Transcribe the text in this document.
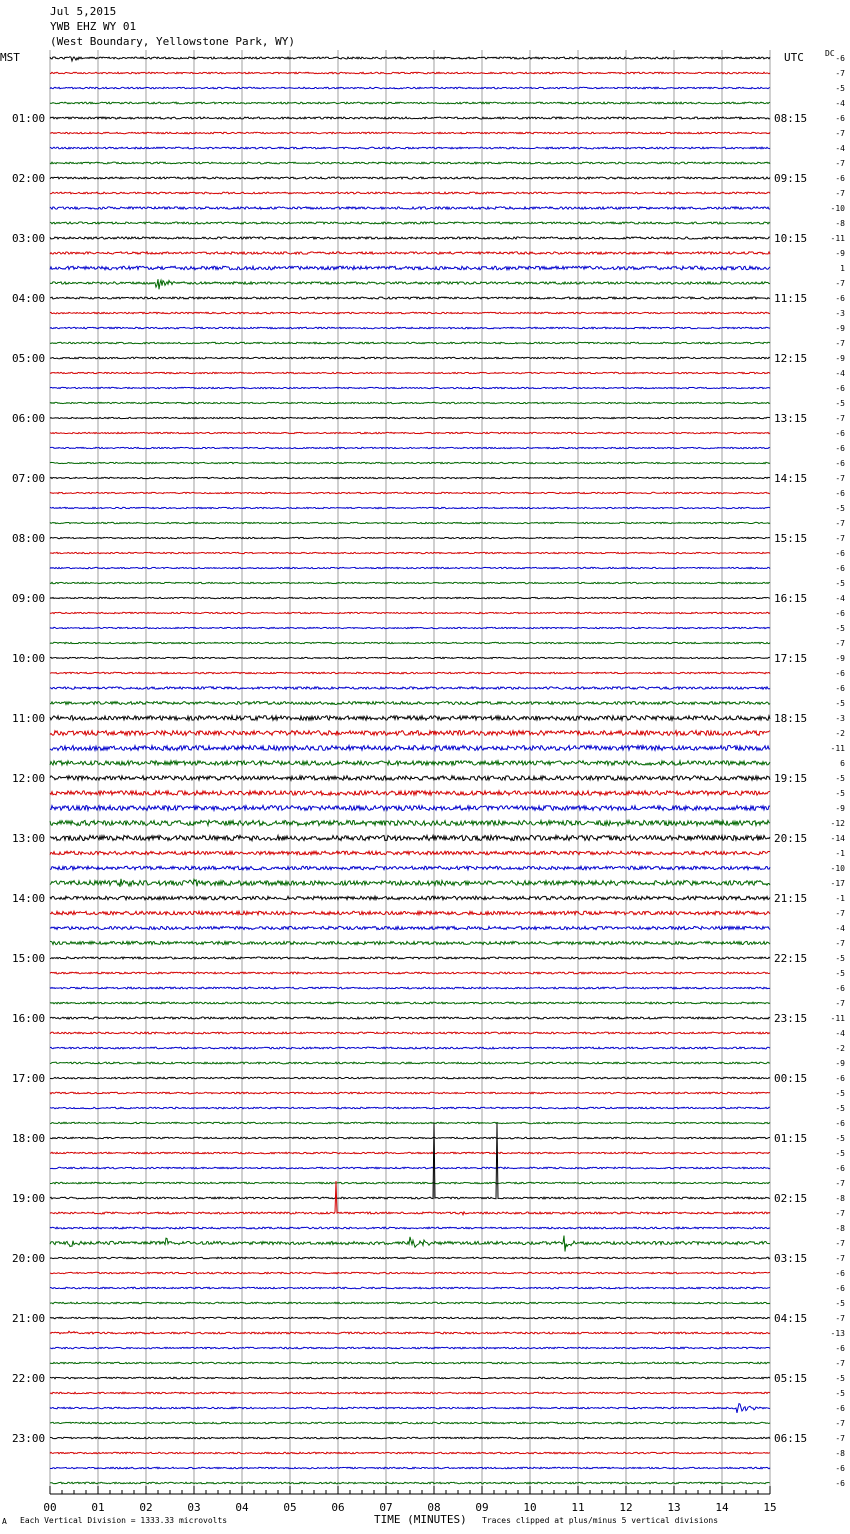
Jul 5,2015
YWB EHZ WY 01
(West Boundary, Yellowstone Park, WY)
MST	UTC	DC
01:00
02:00
03:00
04:00
05:00
06:00
07:00
08:00
09:00
10:00
11:00
12:00
13:00
14:00
15:00
16:00
17:00
18:00
19:00
20:00
21:00
22:00
23:00
08:15
09:15
10:15
11:15
12:15
13:15
14:15
15:15
16:15
17:15
18:15
19:15
20:15
21:15
22:15
23:15
00:15
01:15
02:15
03:15
04:15
05:15
06:15
-6
-7
-5
-4
-6
-7
-4
-7
-6
-7
-10
-8
-11
-9
1
-7
-6
-3
-9
-7
-9
-4
-6
-5
-7
-6
-6
-6
-7
-6
-5
-7
-7
-6
-6
-5
-4
-6
-5
-7
-9
-6
-6
-5
-3
-2
-11
6
-5
-5
-9
-12
-14
-1
-10
-17
-1
-7
-4
-7
-5
-5
-6
-7
-11
-4
-2
-9
-6
-5
-5
-6
-5
-5
-6
-7
-8
-7
-8
-7
-7
-6
-6
-5
-7
-13
-6
-7
-5
-5
-6
-7
-7
-8
-6
-6
00	01	02	03	04	05	06	07	08	09	10	11	12	13	14	15
A Each Vertical Division = 1333.33 microvolts	TIME (MINUTES) Traces clipped at plus/minus 5 vertical divisions
